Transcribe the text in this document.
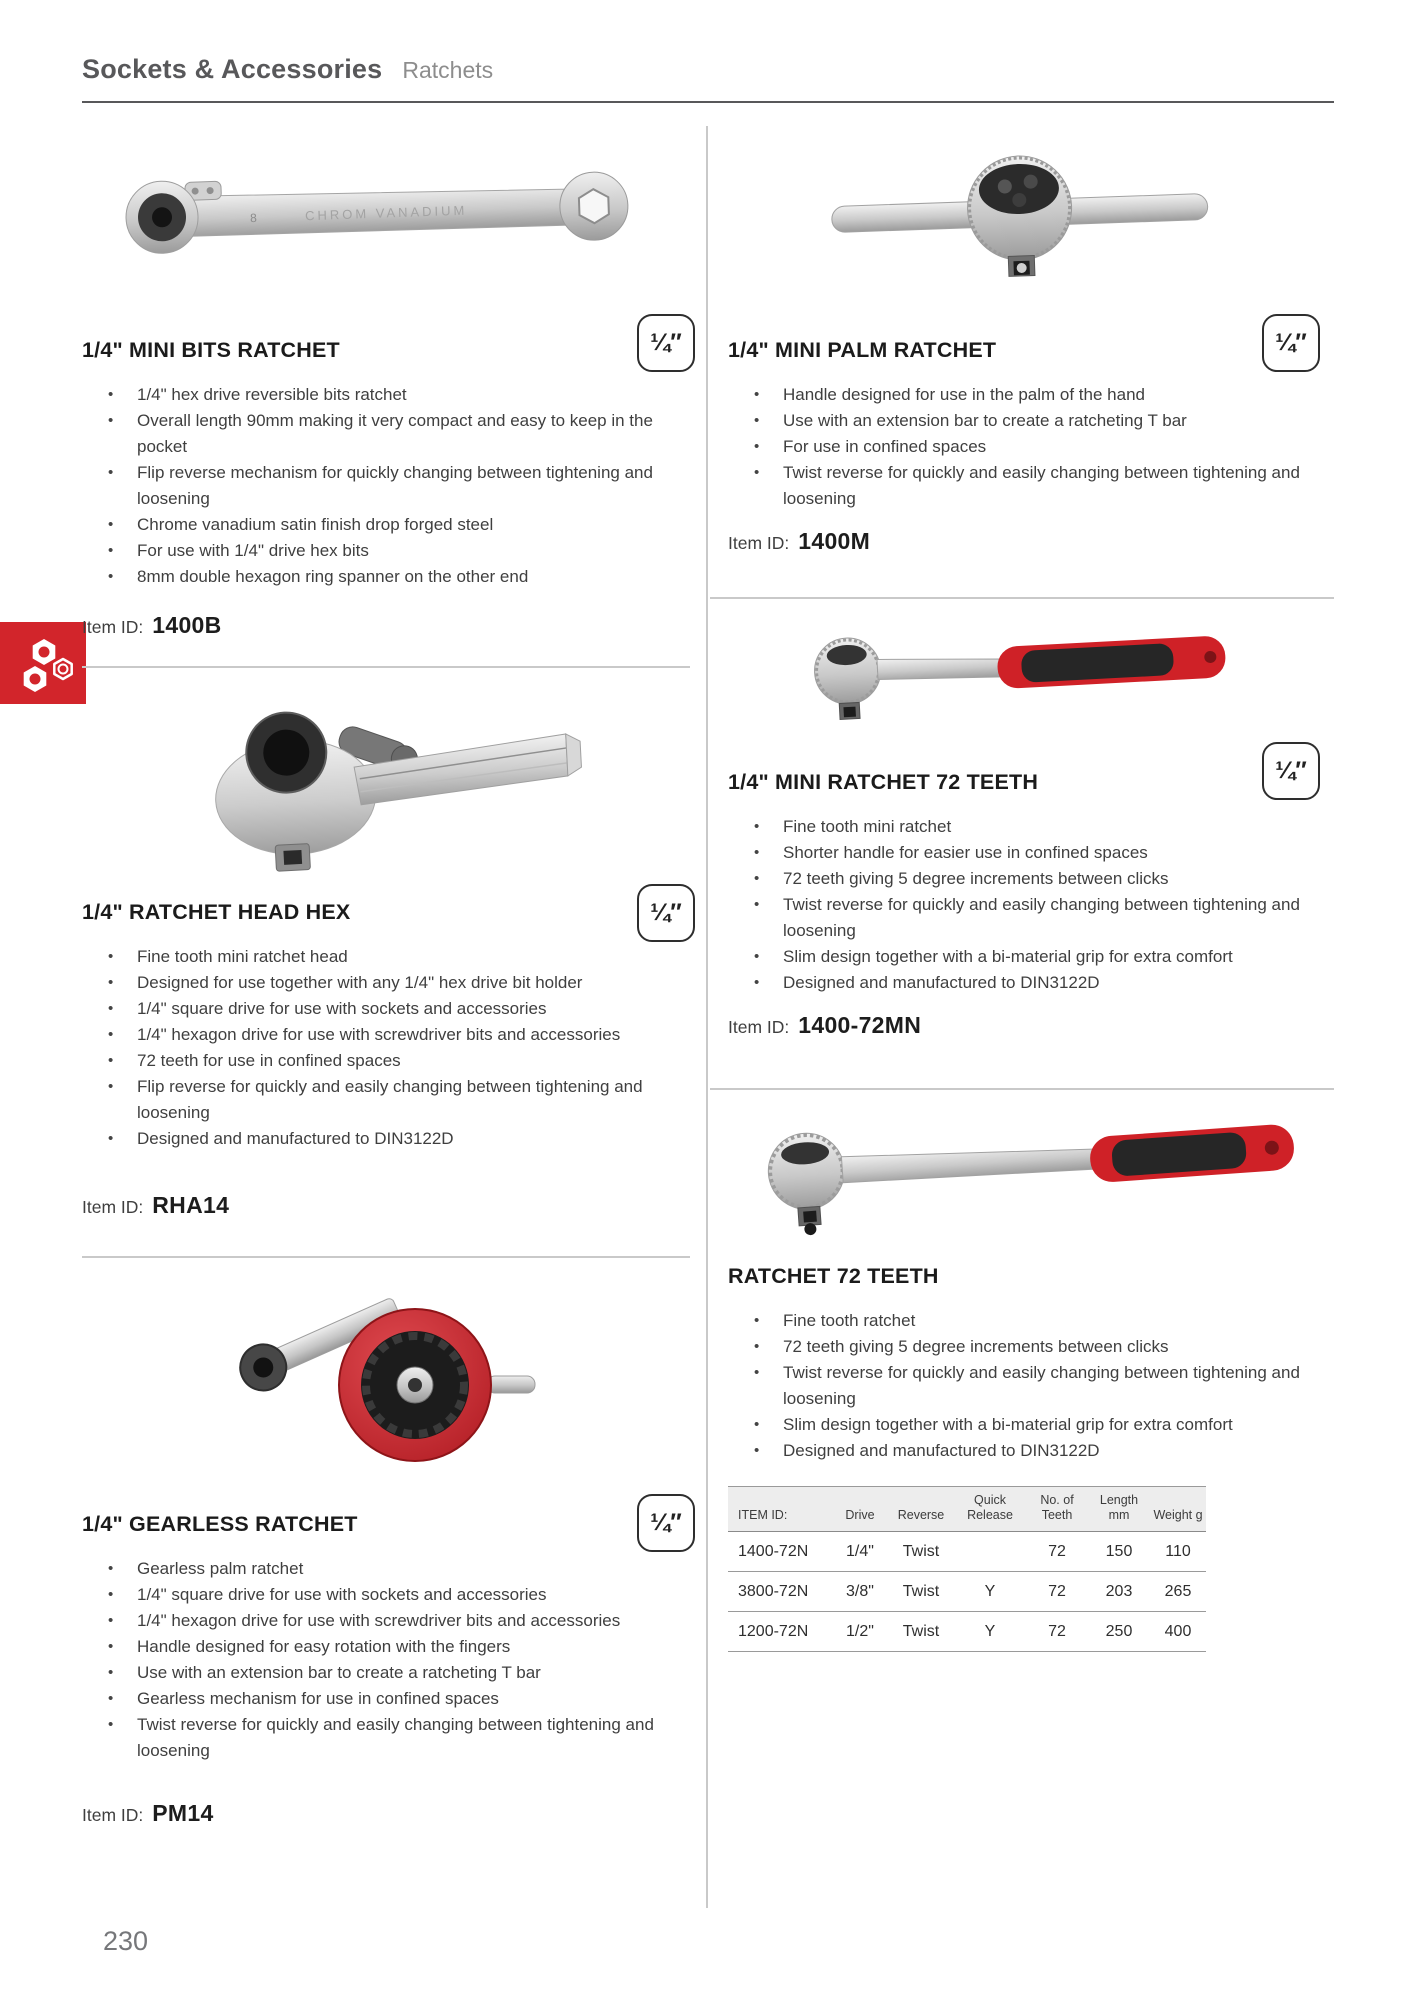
Sockets & Accessories Ratchets
8	CHROM VANADIUM
¼″
1/4" MINI BITS RATCHET
• 1/4" hex drive reversible bits ratchet
• Overall length 90mm making it very compact and easy to keep in the pocket
• Flip reverse mechanism for quickly changing between tightening and loosening
• Chrome vanadium satin finish drop forged steel
• For use with 1/4" drive hex bits
• 8mm double hexagon ring spanner on the other end
Item ID: 1400B
¼″
1/4" RATCHET HEAD HEX
• Fine tooth mini ratchet head
• Designed for use together with any 1/4" hex drive bit holder
• 1/4" square drive for use with sockets and accessories
• 1/4" hexagon drive for use with screwdriver bits and accessories
• 72 teeth for use in confined spaces
• Flip reverse for quickly and easily changing between tightening and loosening
• Designed and manufactured to DIN3122D
Item ID: RHA14
¼″
1/4" GEARLESS RATCHET
• Gearless palm ratchet
• 1/4" square drive for use with sockets and accessories
• 1/4" hexagon drive for use with screwdriver bits and accessories
• Handle designed for easy rotation with the fingers
• Use with an extension bar to create a ratcheting T bar
• Gearless mechanism for use in confined spaces
• Twist reverse for quickly and easily changing between tightening and loosening
Item ID: PM14
¼″
1/4" MINI PALM RATCHET
• Handle designed for use in the palm of the hand
• Use with an extension bar to create a ratcheting T bar
• For use in confined spaces
• Twist reverse for quickly and easily changing between tightening and loosening
Item ID: 1400M
¼″
1/4" MINI RATCHET 72 TEETH
• Fine tooth mini ratchet
• Shorter handle for easier use in confined spaces
• 72 teeth giving 5 degree increments between clicks
• Twist reverse for quickly and easily changing between tightening and loosening
• Slim design together with a bi-material grip for extra comfort
• Designed and manufactured to DIN3122D
Item ID: 1400-72MN
RATCHET 72 TEETH
• Fine tooth ratchet
• 72 teeth giving 5 degree increments between clicks
• Twist reverse for quickly and easily changing between tightening and loosening
• Slim design together with a bi-material grip for extra comfort
• Designed and manufactured to DIN3122D
ITEM ID:	Drive	Reverse	Quick Release	No. of Teeth	Length mm	Weight g
1400-72N	1/4"	Twist		72	150	110
3800-72N	3/8"	Twist	Y	72	203	265
1200-72N	1/2"	Twist	Y	72	250	400
230
